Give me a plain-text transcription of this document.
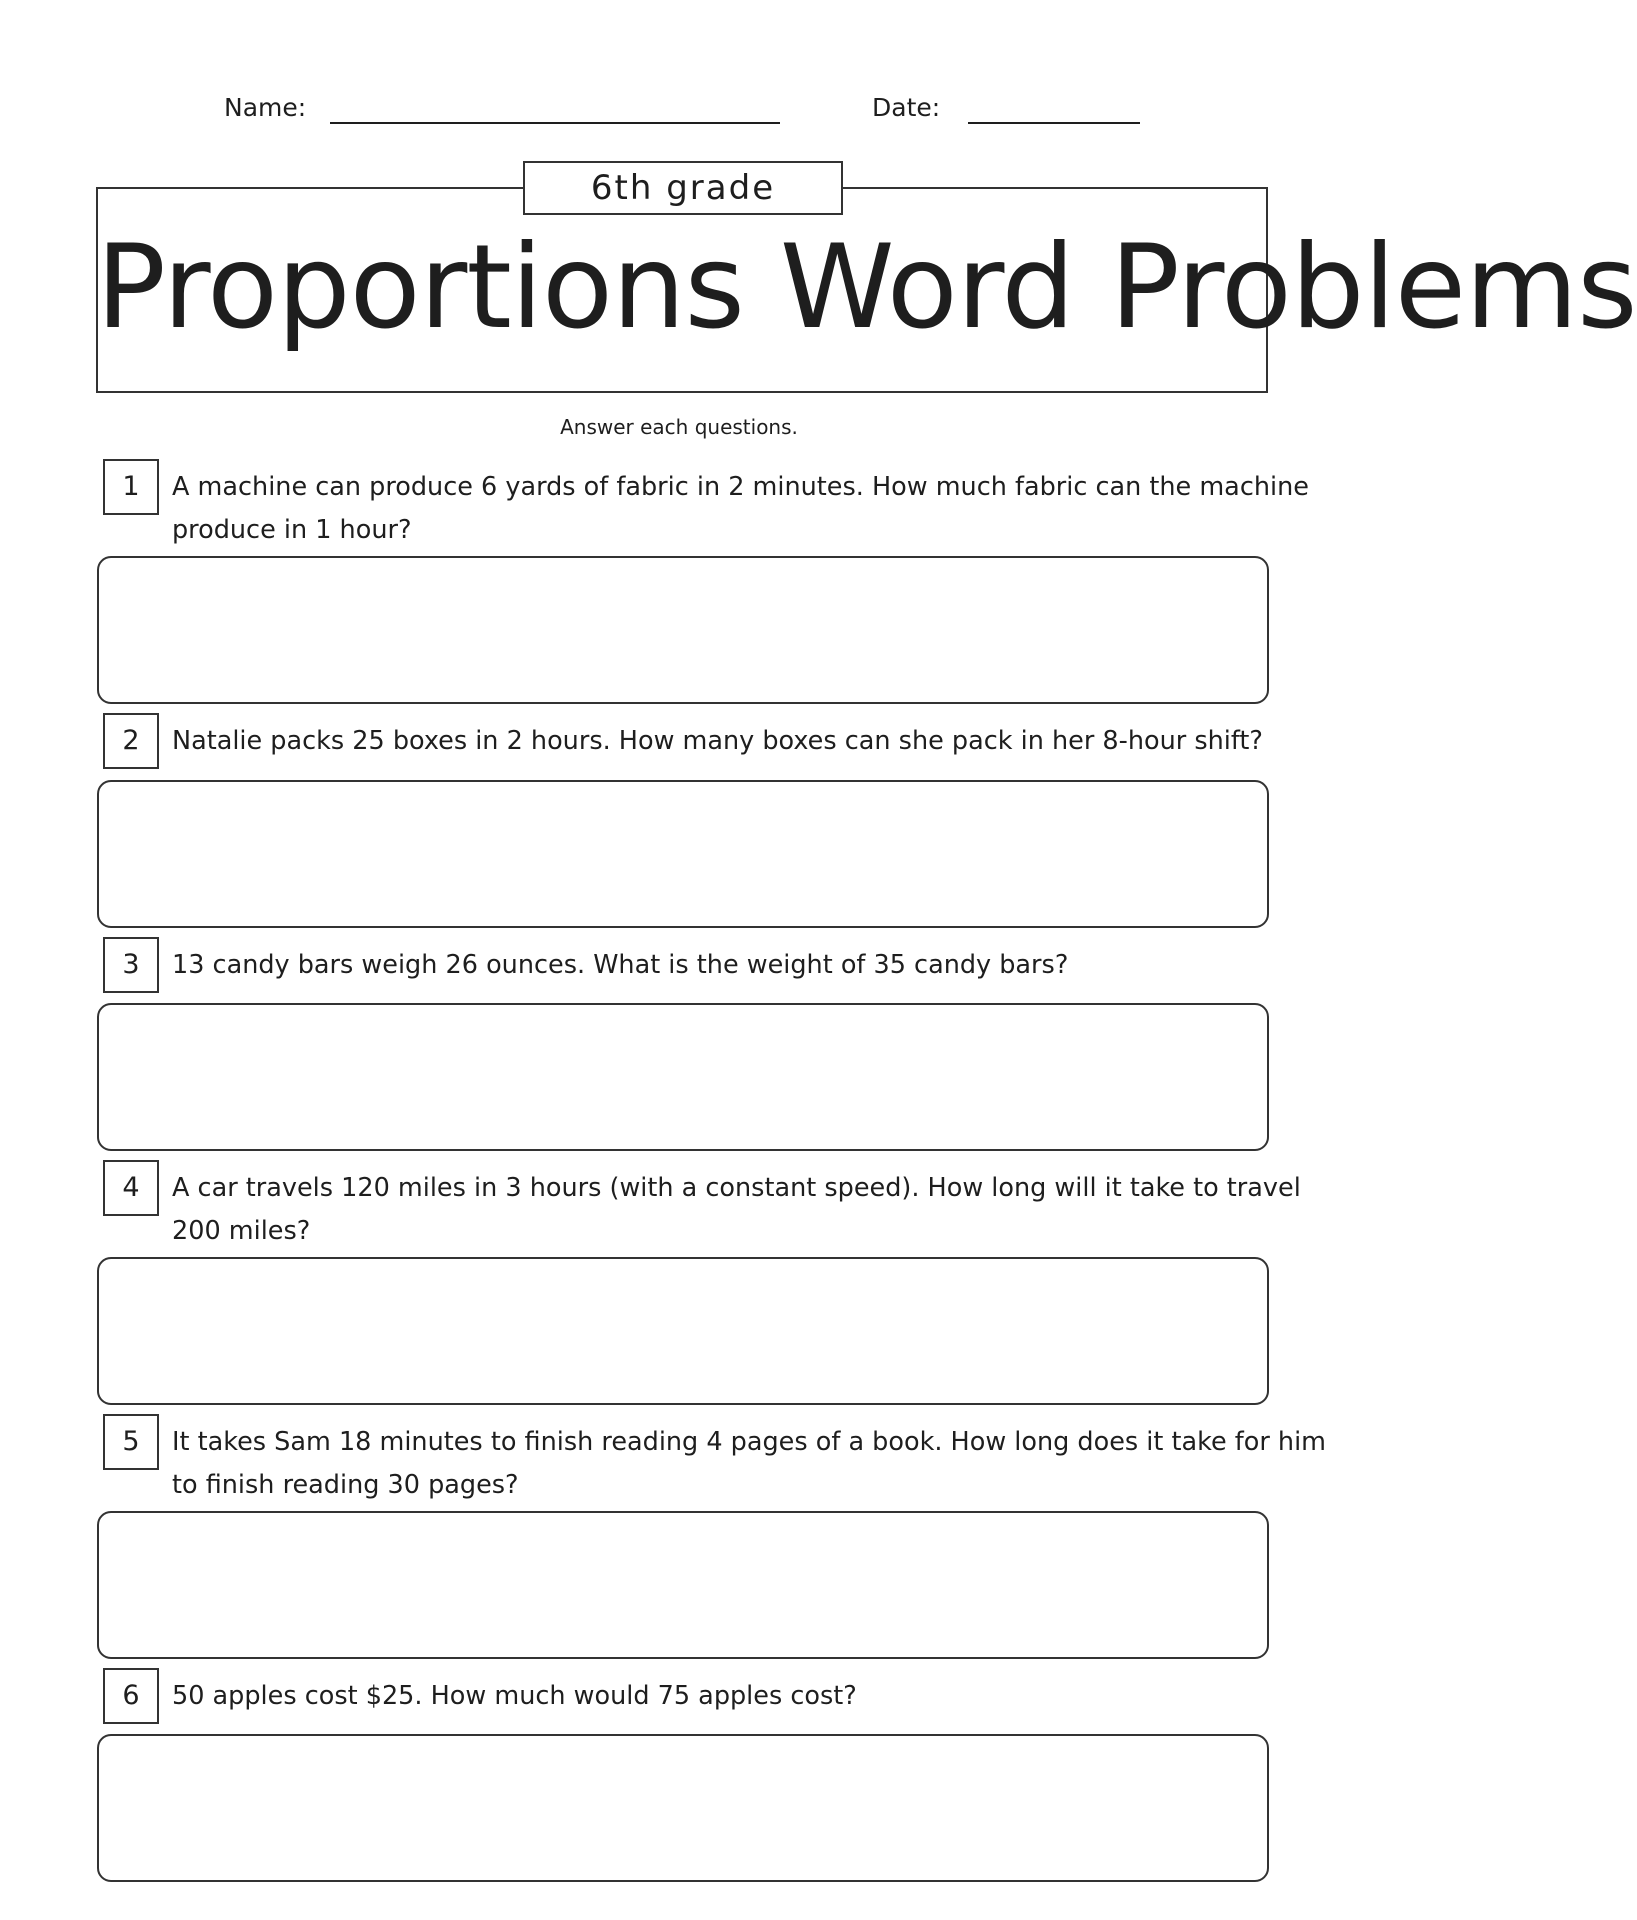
Name:	Date:
6th grade
Proportions Word Problems
Answer each questions.
1	A machine can produce 6 yards of fabric in 2 minutes. How much fabric can the machine
produce in 1 hour?
2	Natalie packs 25 boxes in 2 hours. How many boxes can she pack in her 8-hour shift?
3	13 candy bars weigh 26 ounces. What is the weight of 35 candy bars?
4	A car travels 120 miles in 3 hours (with a constant speed). How long will it take to travel
200 miles?
5	It takes Sam 18 minutes to finish reading 4 pages of a book. How long does it take for him
to finish reading 30 pages?
6	50 apples cost $25. How much would 75 apples cost?
